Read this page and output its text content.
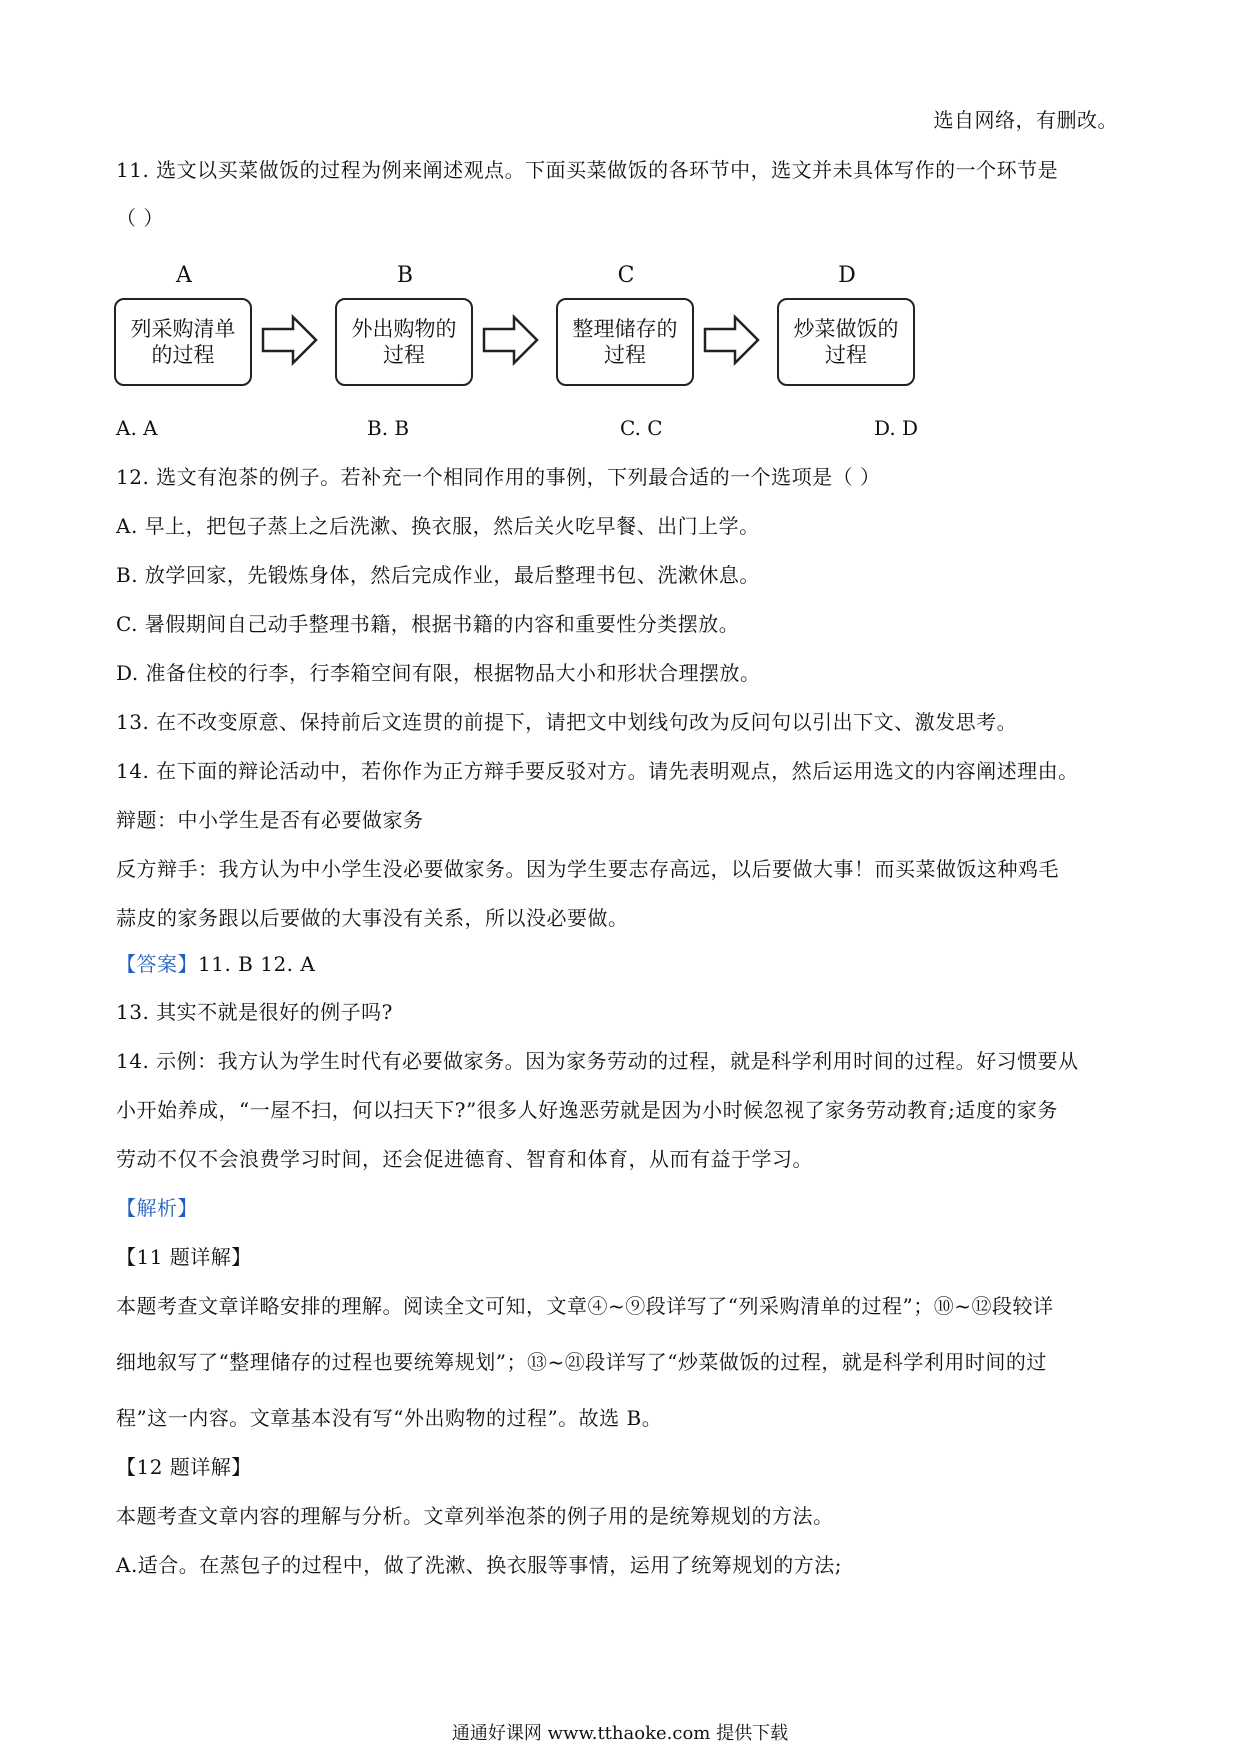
选自网络，有删改。
11. 选文以买菜做饭的过程为例来阐述观点。下面买菜做饭的各环节中，选文并未具体写作的一个环节是
（ ）
A	B	C	D
列采购清单的过程
外出购物的过程
整理储存的过程
炒菜做饭的过程
A. A	B. B	C. C	D. D
12. 选文有泡茶的例子。若补充一个相同作用的事例，下列最合适的一个选项是（ ）
A. 早上，把包子蒸上之后洗漱、换衣服，然后关火吃早餐、出门上学。
B. 放学回家，先锻炼身体，然后完成作业，最后整理书包、洗漱休息。
C. 暑假期间自己动手整理书籍，根据书籍的内容和重要性分类摆放。
D. 准备住校的行李，行李箱空间有限，根据物品大小和形状合理摆放。
13. 在不改变原意、保持前后文连贯的前提下，请把文中划线句改为反问句以引出下文、激发思考。
14. 在下面的辩论活动中，若你作为正方辩手要反驳对方。请先表明观点，然后运用选文的内容阐述理由。
辩题：中小学生是否有必要做家务
反方辩手：我方认为中小学生没必要做家务。因为学生要志存高远，以后要做大事！而买菜做饭这种鸡毛
蒜皮的家务跟以后要做的大事没有关系，所以没必要做。
【答案】11. B 12. A
13. 其实不就是很好的例子吗?
14. 示例：我方认为学生时代有必要做家务。因为家务劳动的过程，就是科学利用时间的过程。好习惯要从
小开始养成，“一屋不扫，何以扫天下?”很多人好逸恶劳就是因为小时候忽视了家务劳动教育;适度的家务
劳动不仅不会浪费学习时间，还会促进德育、智育和体育，从而有益于学习。
【解析】
【11 题详解】
本题考查文章详略安排的理解。阅读全文可知，文章④~⑨段详写了“列采购清单的过程”；⑩~⑫段较详
细地叙写了“整理储存的过程也要统筹规划”；⑬~㉑段详写了“炒菜做饭的过程，就是科学利用时间的过
程”这一内容。文章基本没有写“外出购物的过程”。故选 B。
【12 题详解】
本题考查文章内容的理解与分析。文章列举泡茶的例子用的是统筹规划的方法。
A.适合。在蒸包子的过程中，做了洗漱、换衣服等事情，运用了统筹规划的方法;
通通好课网 www.tthaoke.com 提供下载
